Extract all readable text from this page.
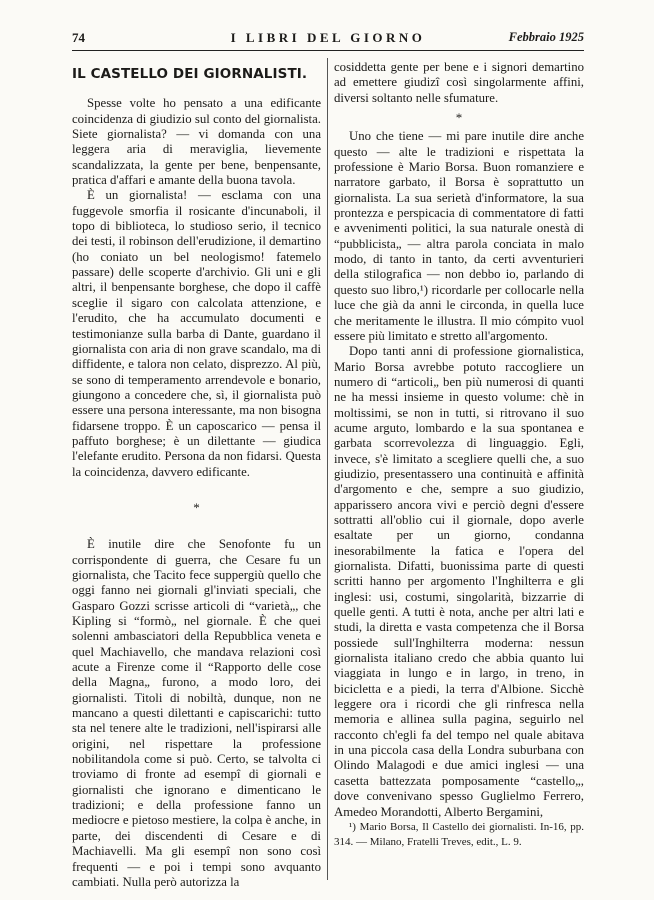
74	I LIBRI DEL GIORNO	Febbraio 1925
IL CASTELLO DEI GIORNALISTI.

Spesse volte ho pensato a una edificante coincidenza di giudizio sul conto del giornalista. Siete giornalista? — vi domanda con una leggera aria di meraviglia, lievemente scandalizzata, la gente per bene, benpensante, pratica d'affari e amante della buona tavola.

È un giornalista! — esclama con una fuggevole smorfia il rosicante d'incunaboli, il topo di biblioteca, lo studioso serio, il tecnico dei testi, il robinson dell'erudizione, il demartino (ho coniato un bel neologismo! fatemelo passare) delle scoperte d'archivio. Gli uni e gli altri, il benpensante borghese, che dopo il caffè sceglie il sigaro con calcolata attenzione, e l'erudito, che ha accumulato documenti e testimonianze sulla barba di Dante, guardano il giornalista con aria di non grave scandalo, ma di diffidente, e talora non celato, disprezzo. Al più, se sono di temperamento arrendevole e bonario, giungono a concedere che, sì, il giornalista può essere una persona interessante, ma non bisogna fidarsene troppo. È un caposcarico — pensa il paffuto borghese; è un dilettante — giudica l'elefante erudito. Persona da non fidarsi. Questa la coincidenza, davvero edificante.

*

È inutile dire che Senofonte fu un corrispondente di guerra, che Cesare fu un giornalista, che Tacito fece suppergiù quello che oggi fanno nei giornali gl'inviati speciali, che Gasparo Gozzi scrisse articoli di “varietà„, che Kipling si “formò„ nel giornale. È che quei solenni ambasciatori della Repubblica veneta e quel Machiavello, che mandava relazioni così acute a Firenze come il “Rapporto delle cose della Magna„ furono, a modo loro, dei giornalisti. Titoli di nobiltà, dunque, non ne mancano a questi dilettanti e capiscarichi: tutto sta nel tenere alte le tradizioni, nell'ispirarsi alle origini, nel rispettare la professione nobilitandola come si può. Certo, se talvolta ci troviamo di fronte ad esempî di giornali e giornalisti che ignorano e dimenticano le tradizioni; e della professione fanno un mediocre e pietoso mestiere, la colpa è anche, in parte, dei discendenti di Cesare e di Machiavelli. Ma gli esempî non sono così frequenti — e poi i tempi sono avquanto cambiati. Nulla però autorizza la

cosiddetta gente per bene e i signori demartino ad emettere giudizî così singolarmente affini, diversi soltanto nelle sfumature.

*

Uno che tiene — mi pare inutile dire anche questo — alte le tradizioni e rispettata la professione è Mario Borsa. Buon romanziere e narratore garbato, il Borsa è soprattutto un giornalista. La sua serietà d'informatore, la sua prontezza e perspicacia di commentatore di fatti e avvenimenti politici, la sua naturale onestà di “pubblicista„ — altra parola conciata in malo modo, di tanto in tanto, da certi avventurieri della stilografica — non debbo io, parlando di questo suo libro,¹) ricordarle per collocarle nella luce che già da anni le circonda, in quella luce che meritamente le illustra. Il mio cómpito vuol essere più limitato e stretto all'argomento.

Dopo tanti anni di professione giornalistica, Mario Borsa avrebbe potuto raccogliere un numero di “articoli„ ben più numerosi di quanti ne ha messi insieme in questo volume: chè in moltissimi, se non in tutti, si ritrovano il suo acume arguto, lombardo e la sua spontanea e garbata scorrevolezza di linguaggio. Egli, invece, s'è limitato a scegliere quelli che, a suo giudizio, presentassero una continuità e affinità d'argomento e che, sempre a suo giudizio, apparissero ancora vivi e perciò degni d'essere sottratti all'oblio cui il giornale, dopo averle esaltate per un giorno, condanna inesorabilmente la fatica e l'opera del giornalista. Difatti, buonissima parte di questi scritti hanno per argomento l'Inghilterra e gli inglesi: usi, costumi, singolarità, bizzarrie di quelle genti. A tutti è nota, anche per altri lati e studi, la diretta e vasta competenza che il Borsa possiede sull'Inghilterra moderna: nessun giornalista italiano credo che abbia quanto lui viaggiata in lungo e in largo, in treno, in bicicletta e a piedi, la terra d'Albione. Sicchè leggere ora i ricordi che gli rinfresca nella memoria e allinea sulla pagina, seguirlo nel racconto ch'egli fa del tempo nel quale abitava in una piccola casa della Londra suburbana con Olindo Malagodi e due amici inglesi — una casetta battezzata pomposamente “castello„, dove convenivano spesso Guglielmo Ferrero, Amedeo Morandotti, Alberto Bergamini,

¹) Mario Borsa, Il Castello dei giornalisti. In-16, pp. 314. — Milano, Fratelli Treves, edit., L. 9.
